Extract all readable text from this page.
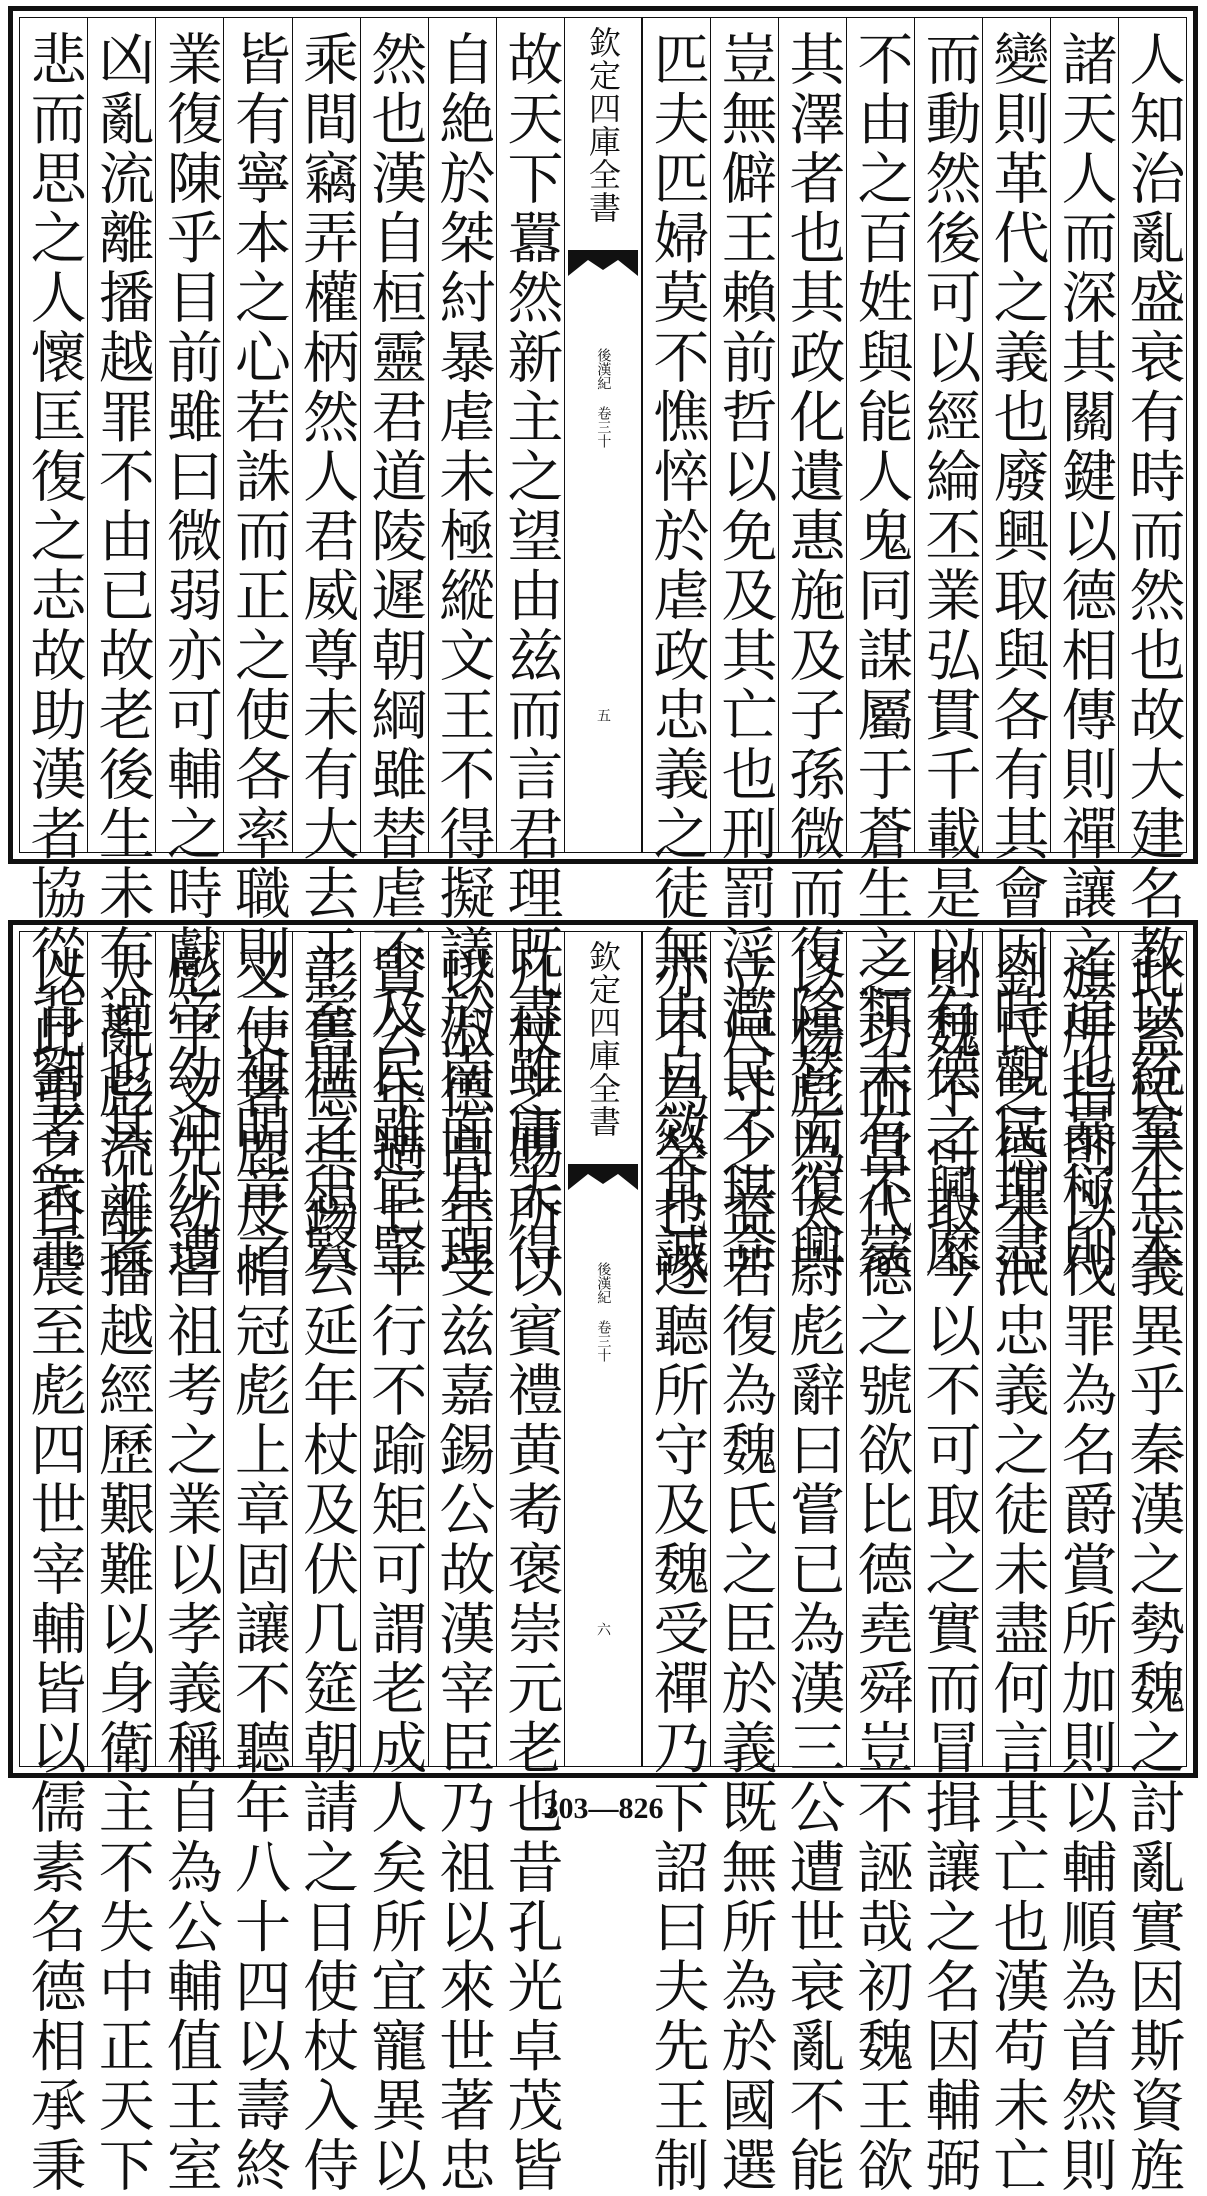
人知治亂盛衰有時而然也故大建名教以統羣生本
諸天人而深其關鍵以德相傳則禪讓之道也暴極則
變則革代之義也廢興取與各有其會因時觀民理盡
而動然後可以經綸丕業弘貫千載是以有德之興靡
不由之百姓與能人鬼同謀屬于蒼生之類未有不蒙
其澤者也其政化遺惠施及子孫微而復隆替而復興
豈無僻王賴前哲以免及其亡也刑罰淫濫民不堪命
匹夫匹婦莫不憔悴於虐政忠義之徒無由自效其誠
欽定四庫全書
後漢紀 卷三十
五
故天下囂然新主之望由兹而言君理既盡雖庸夫得
自絶於桀紂暴虐未極縱文王不得擬議於南面其理
然也漢自桓靈君道陵遲朝綱雖替虐不及民雖宦豎
乘間竊弄權柄然人君威尊未有大去王室世之忠賢
皆有寧本之心若誅而正之使各率職則二祖明章之
業復陳乎目前雖曰微弱亦可輔之時獻帝幼沖少遭
凶亂流離播越罪不由已故老後生未有過也其上者
悲而思之人懷匡復之志故助漢者協從背劉者衆乖
此蓋民未忘義異乎秦漢之勢魏之討亂實因斯資旌
旗所指則以伐罪為名爵賞所加則以輔順為首然則
劉氏之德未泯忠義之徒未盡何言其亡也漢苟未亡
則魏不可取今以不可取之實而冒揖讓之名因輔弼
之功而當代德之號欲比德堯舜豈不誣哉初魏王欲
以楊彪為太尉彪辭曰嘗已為漢三公遭世衰亂不能
立尺寸之益若復為魏氏之臣於義既無所為於國選
亦不為榮也遂聽所守及魏受禪乃下詔曰夫先王制
欽定四庫全書
後漢紀 卷三十
六
几杖之賜所以賓禮黄耇褒崇元老也昔孔光卓茂皆
以淑德高年受兹嘉錫公故漢宰臣乃祖以來世著忠
賢公年過七十行不踰矩可謂老成人矣所宜寵異以
彰舊德其錫公延年杖及伏几筵朝請之日使杖入侍
又使著鹿皮帽冠彪上章固讓不聽年八十四以壽終
彪字文先幼習祖考之業以孝義稱自為公輔值王室
大亂彪流離播越經歷艱難以身衛主不失中正天下
以此重之自震至彪四世宰輔皆以儒素名德相承秉	303—826
